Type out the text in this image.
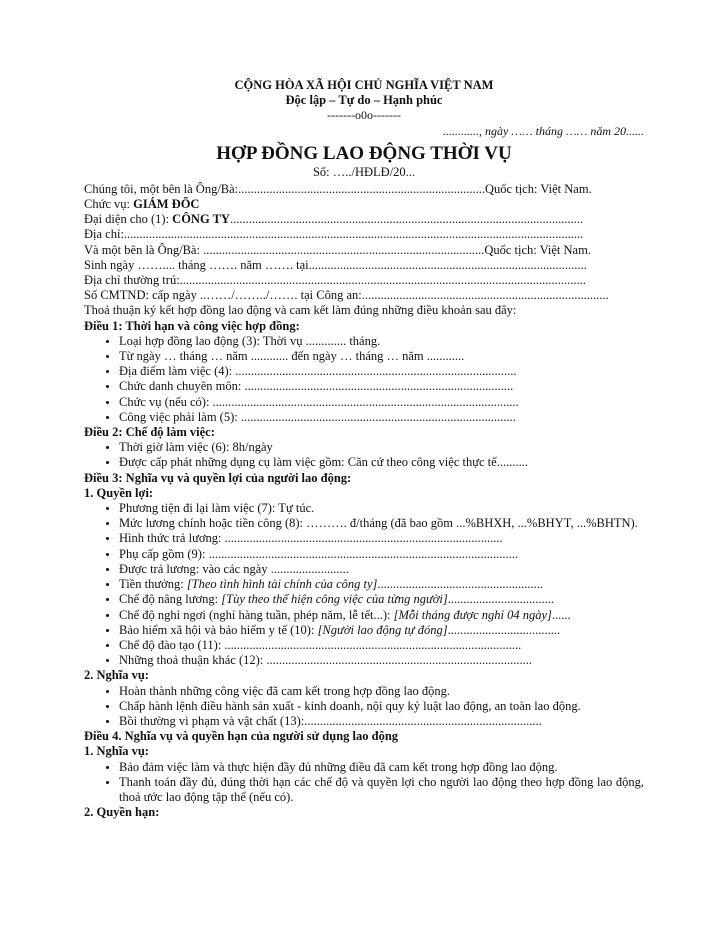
CỘNG HÒA XÃ HỘI CHỦ NGHĨA VIỆT NAM
Độc lập – Tự do – Hạnh phúc
-------o0o-------
............, ngày …… tháng …… năm 20......
HỢP ĐỒNG LAO ĐỘNG THỜI VỤ
Số: …../HĐLĐ/20...
Chúng tôi, một bên là Ông/Bà:...............................................................................Quốc tịch: Việt Nam.
Chức vụ: GIÁM ĐỐC
Đại diện cho (1): CÔNG TY.................................................................................................................
Địa chỉ:...................................................................................................................................................
Và một bên là Ông/Bà: ..........................................................................................Quốc tịch: Việt Nam.
Sinh ngày …….... tháng ……. năm ……. tại.........................................................................................
Địa chỉ thường trú:..................................................................................................................................
Số CMTND: cấp ngày ..……/……../……. tại Công an:...............................................................................
Thoả thuận ký kết hợp đồng lao động và cam kết làm đúng những điều khoản sau đây:
Điều 1: Thời hạn và công việc hợp đồng:
• Loại hợp đồng lao động (3): Thời vụ ............. tháng.
• Từ ngày … tháng … năm ............ đến ngày … tháng … năm ............
• Địa điểm làm việc (4): ..........................................................................................
• Chức danh chuyên môn: ......................................................................................
• Chức vụ (nếu có): ..................................................................................................
• Công việc phải làm (5): ........................................................................................
Điều 2: Chế độ làm việc:
• Thời giờ làm việc (6): 8h/ngày
• Được cấp phát những dụng cụ làm việc gồm: Căn cứ theo công việc thực tế..........
Điều 3: Nghĩa vụ và quyền lợi của người lao động:
1. Quyền lợi:
• Phương tiện đi lại làm việc (7): Tự túc.
• Mức lương chính hoặc tiền công (8): ………. đ/tháng (đã bao gồm ...%BHXH, ...%BHYT, ...%BHTN).
• Hình thức trả lương: .........................................................................................
• Phụ cấp gồm (9): ...................................................................................................
• Được trả lương: vào các ngày .........................
• Tiền thưởng: [Theo tình hình tài chính của công ty].....................................................
• Chế độ nâng lương: [Tùy theo thể hiện công việc của từng người]..................................
• Chế độ nghỉ ngơi (nghỉ hàng tuần, phép năm, lễ tết...): [Mỗi tháng được nghỉ 04 ngày]......
• Bảo hiểm xã hội và bảo hiểm y tế (10): [Người lao động tự đóng]....................................
• Chế độ đào tạo (11): ...............................................................................................
• Những thoả thuận khác (12): .....................................................................................
2. Nghĩa vụ:
• Hoàn thành những công việc đã cam kết trong hợp đồng lao động.
• Chấp hành lệnh điều hành sản xuất - kinh doanh, nội quy kỷ luật lao động, an toàn lao động.
• Bồi thường vi phạm và vật chất (13):............................................................................
Điều 4. Nghĩa vụ và quyền hạn của người sử dụng lao động
1. Nghĩa vụ:
• Bảo đảm việc làm và thực hiện đầy đủ những điều đã cam kết trong hợp đồng lao động.
• Thanh toán đầy đủ, đúng thời hạn các chế độ và quyền lợi cho người lao động theo hợp đồng lao động, thoả ước lao động tập thể (nếu có).
2. Quyền hạn:
